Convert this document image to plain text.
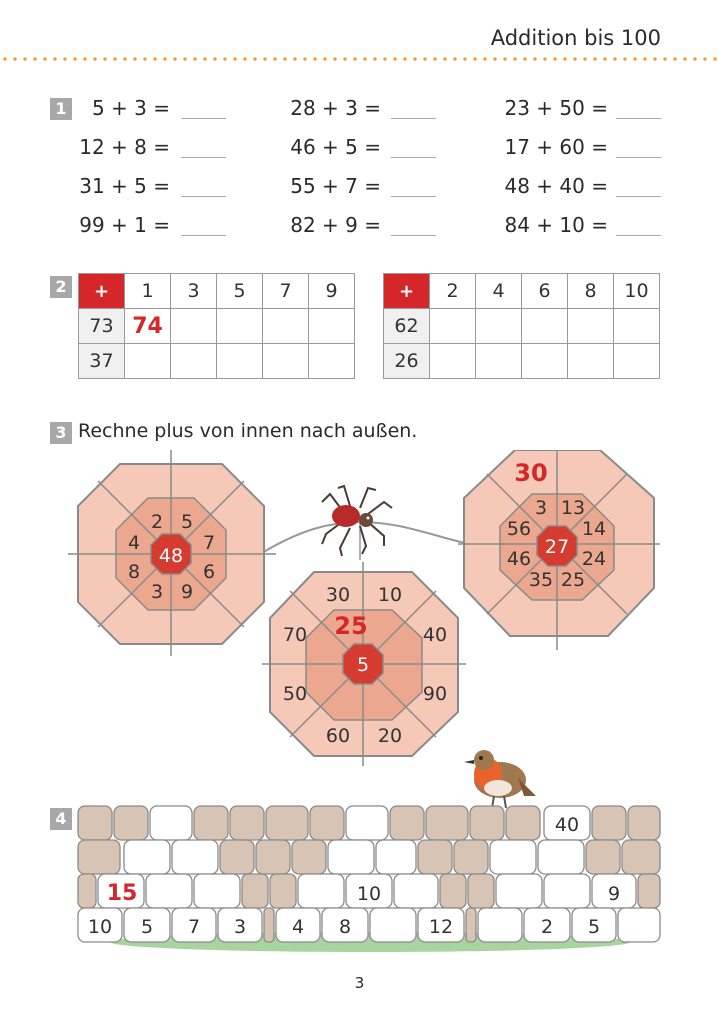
Addition bis 100
1 5 + 3 =	28 + 3 =	23 + 50 =
12 + 8 =	46 + 5 =	17 + 60 =
31 + 5 =	55 + 7 =	48 + 40 =
99 + 1 =	82 + 9 =	84 + 10 =
2	+	1	3	5	7	9
73	74				
37					
+	2	4	6	8	10
62					
26					
3 Rechne plus von innen nach außen.
48
2 5
7
6
9
3
8
4	27
30
3 13
14
24
25
35
46
56
5
25
30 10
40
90
20
60
50
70
4	40
15	10	9
10 5 7 3 4 8	12	2 5
3
